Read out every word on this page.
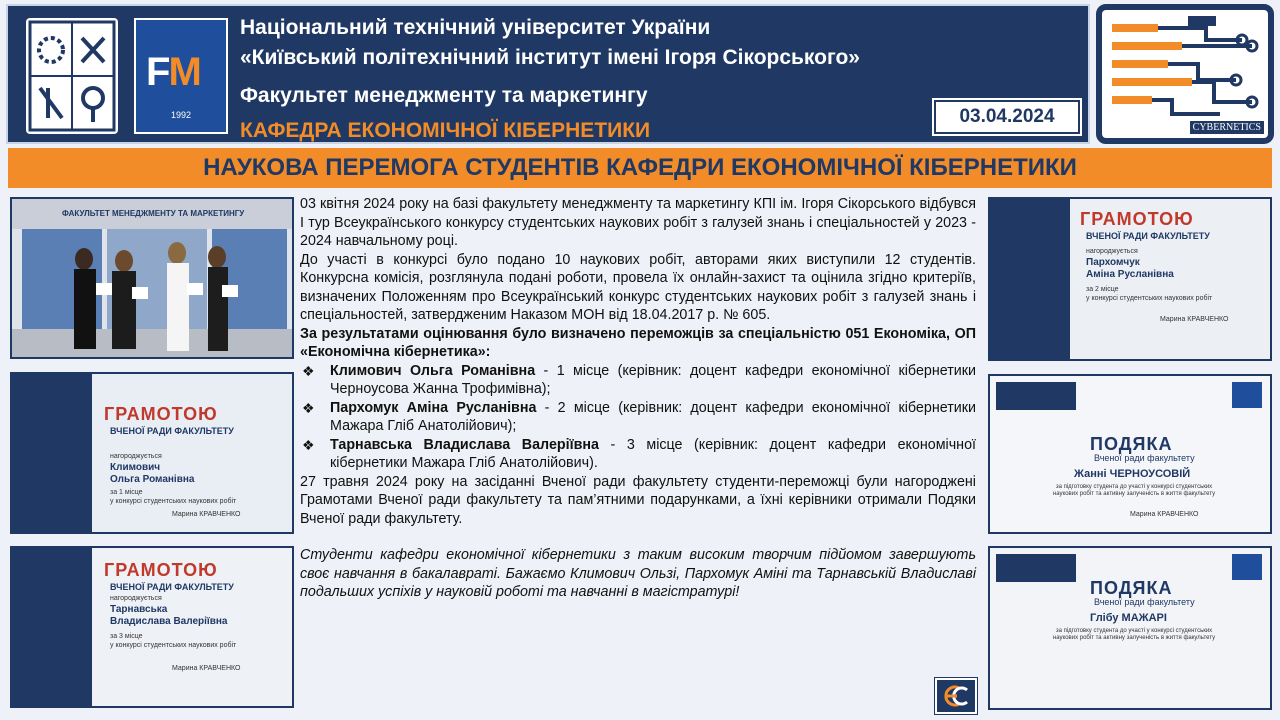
FM
1992
Національний технічний університет України
«Київський політехнічний інститут імені Ігоря Сікорського»
Факультет менеджменту та маркетингу
КАФЕДРА ЕКОНОМІЧНОЇ КІБЕРНЕТИКИ
03.04.2024
CYBERNETICS
НАУКОВА ПЕРЕМОГА СТУДЕНТІВ КАФЕДРИ ЕКОНОМІЧНОЇ КІБЕРНЕТИКИ
ФАКУЛЬТЕТ МЕНЕДЖМЕНТУ ТА МАРКЕТИНГУ
ГРАМОТОЮ
ВЧЕНОЇ РАДИ ФАКУЛЬТЕТУ
нагороджується
Климович
Ольга Романівна
за 1 місце
у конкурсі студентських наукових робіт
Марина КРАВЧЕНКО
ГРАМОТОЮ
ВЧЕНОЇ РАДИ ФАКУЛЬТЕТУ
нагороджується
Тарнавська
Владислава Валеріївна
за 3 місце
у конкурсі студентських наукових робіт
Марина КРАВЧЕНКО

03 квітня 2024 року на базі факультету менеджменту та маркетингу КПІ ім. Ігоря Сікорського відбувся I тур Всеукраїнського конкурсу студентських наукових робіт з галузей знань і спеціальностей у 2023 - 2024 навчальному році.

До участі в конкурсі було подано 10 наукових робіт, авторами яких виступили 12 студентів. Конкурсна комісія, розглянула подані роботи, провела їх онлайн-захист та оцінила згідно критеріїв, визначених Положенням про Всеукраїнський конкурс студентських наукових робіт з галузей знань і спеціальностей, затвердженим Наказом МОН від 18.04.2017 р. № 605.

За результатами оцінювання було визначено переможців за спеціальністю 051 Економіка, ОП «Економічна кібернетика»:

❖ Климович Ольга Романівна - 1 місце (керівник: доцент кафедри економічної кібернетики Черноусова Жанна Трофимівна);
❖ Пархомук Аміна Русланівна - 2 місце (керівник: доцент кафедри економічної кібернетики Мажара Гліб Анатолійович);
❖ Тарнавська Владислава Валеріївна - 3 місце (керівник: доцент кафедри економічної кібернетики Мажара Гліб Анатолійович).

27 травня 2024 року на засіданні Вченої ради факультету студенти-переможці були нагороджені Грамотами Вченої ради факультету та пам’ятними подарунками, а їхні керівники отримали Подяки Вченої ради факультету.

Студенти кафедри економічної кібернетики з таким високим творчим підйомом завершують своє навчання в бакалавраті. Бажаємо Климович Ользі, Пархомук Аміні та Тарнавській Владиславі подальших успіхів у науковій роботі та навчанні в магістратурі!

ГРАМОТОЮ
ВЧЕНОЇ РАДИ ФАКУЛЬТЕТУ
нагороджується
Пархомчук
Аміна Русланівна
за 2 місце
у конкурсі студентських наукових робіт
Марина КРАВЧЕНКО
ПОДЯКА
Вченої ради факультету
Жанні ЧЕРНОУСОВІЙ
за підготовку студента до участі у конкурсі студентських наукових робіт та активну залученість в життя факультету
Марина КРАВЧЕНКО
ПОДЯКА
Вченої ради факультету
Глібу МАЖАРІ
за підготовку студента до участі у конкурсі студентських наукових робіт та активну залученість в життя факультету
